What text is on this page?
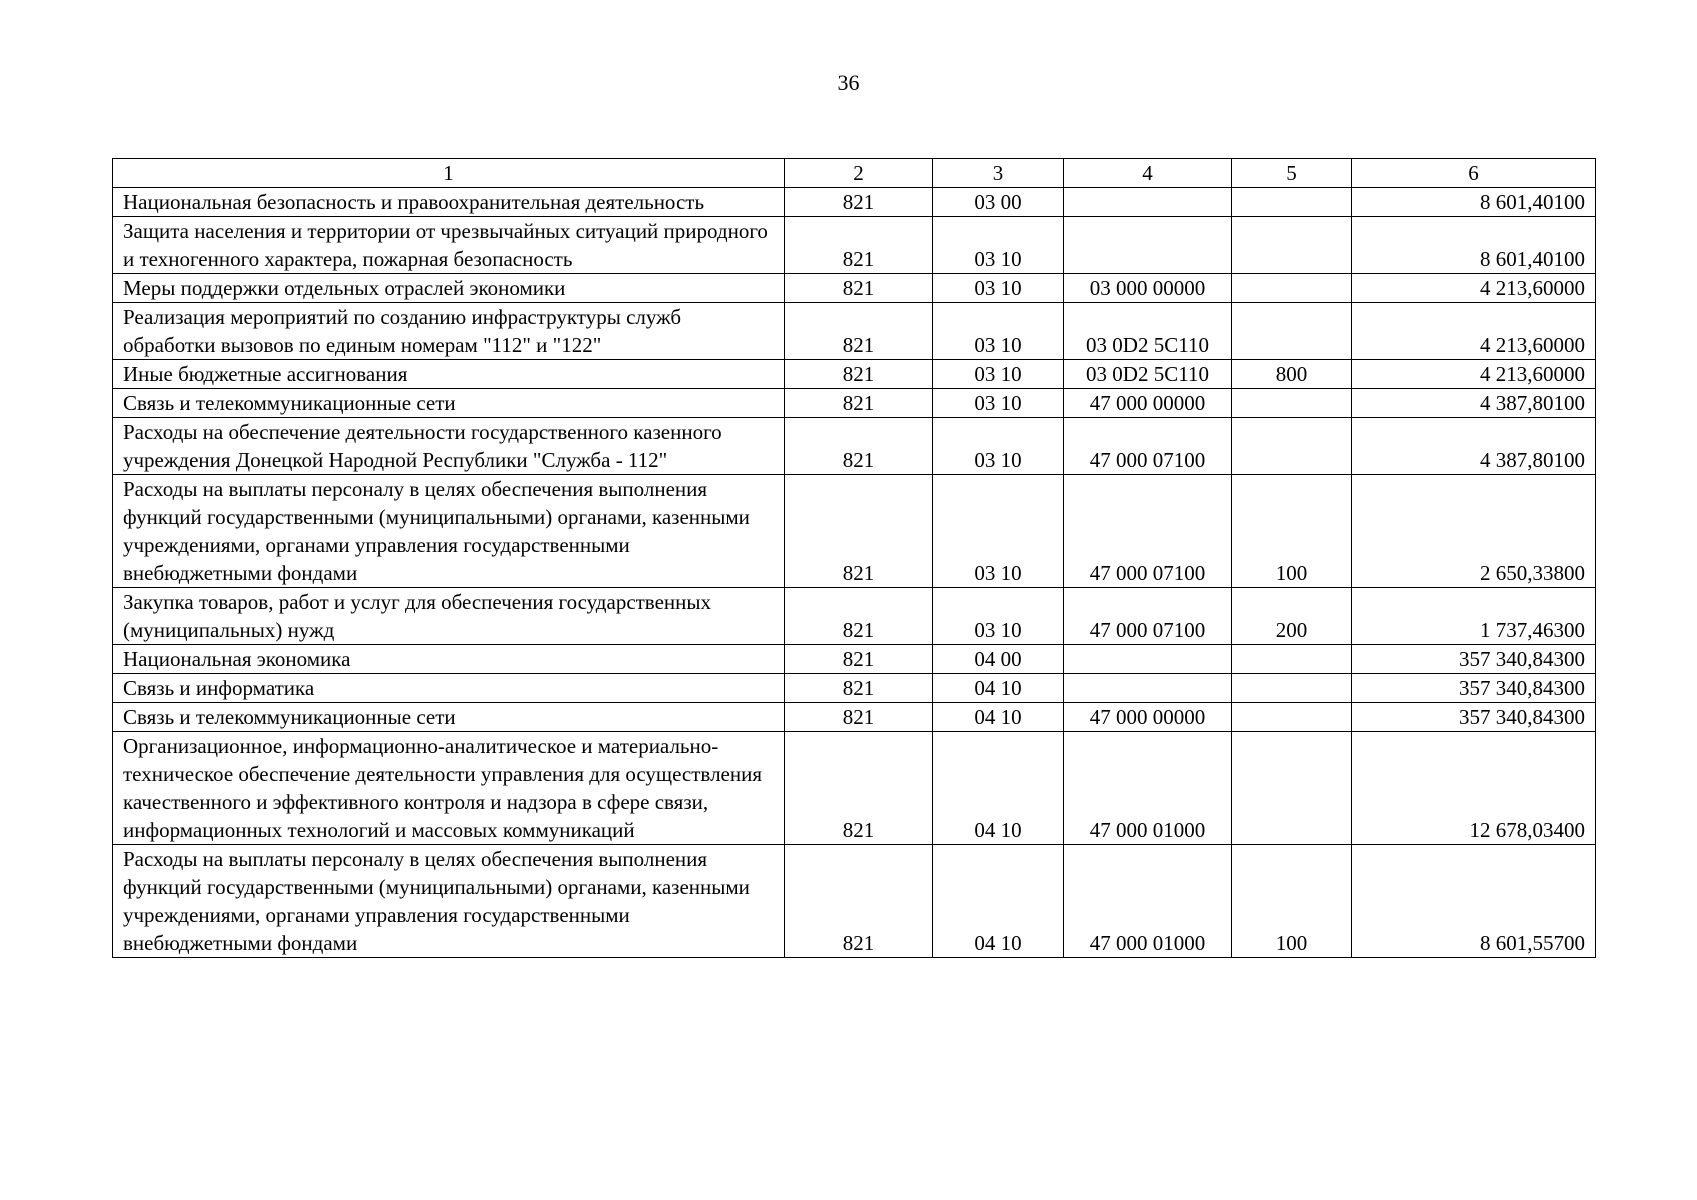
36
1	2	3	4	5	6
Национальная безопасность и правоохранительная деятельность	821	03 00			8 601,40100
Защита населения и территории от чрезвычайных ситуаций природного и техногенного характера, пожарная безопасность	821	03 10			8 601,40100
Меры поддержки отдельных отраслей экономики	821	03 10	03 000 00000		4 213,60000
Реализация мероприятий по созданию инфраструктуры служб обработки вызовов по единым номерам "112" и "122"	821	03 10	03 0D2 5C110		4 213,60000
Иные бюджетные ассигнования	821	03 10	03 0D2 5C110	800	4 213,60000
Связь и телекоммуникационные сети	821	03 10	47 000 00000		4 387,80100
Расходы на обеспечение деятельности государственного казенного учреждения Донецкой Народной Республики "Служба - 112"	821	03 10	47 000 07100		4 387,80100
Расходы на выплаты персоналу в целях обеспечения выполнения функций государственными (муниципальными) органами, казенными учреждениями, органами управления государственными внебюджетными фондами	821	03 10	47 000 07100	100	2 650,33800
Закупка товаров, работ и услуг для обеспечения государственных (муниципальных) нужд	821	03 10	47 000 07100	200	1 737,46300
Национальная экономика	821	04 00			357 340,84300
Связь и информатика	821	04 10			357 340,84300
Связь и телекоммуникационные сети	821	04 10	47 000 00000		357 340,84300
Организационное, информационно-аналитическое и материально-техническое обеспечение деятельности управления для осуществления качественного и эффективного контроля и надзора в сфере связи, информационных технологий и массовых коммуникаций	821	04 10	47 000 01000		12 678,03400
Расходы на выплаты персоналу в целях обеспечения выполнения функций государственными (муниципальными) органами, казенными учреждениями, органами управления государственными внебюджетными фондами	821	04 10	47 000 01000	100	8 601,55700
